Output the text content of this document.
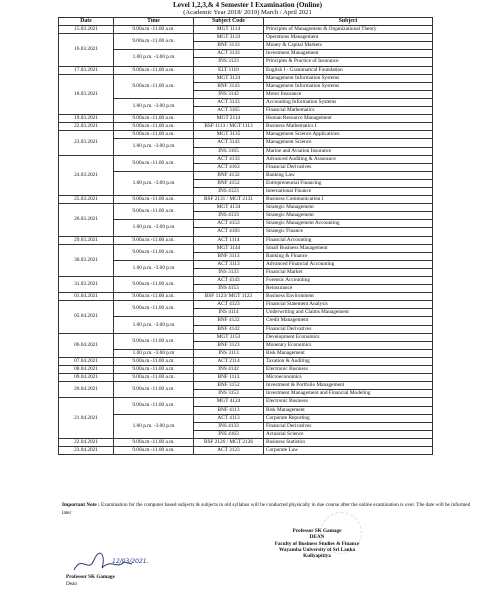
Level 1,2,3,& 4 Semester I Examination (Online)
(Academic Year 2018/ 2019) March / April 2021
Date	Time	Subject Code	Subject
15.03.2021	9.00a.m.-11.00 a.m.	MGT 1114	Principles of Management & Organizational Theory
16.03.2021	9.00a.m.-11.00 a.m.	MGT 3133	Operations Management
		BNF 3133	Money & Capital Markets
	1.00 p.m. -3.00 p.m	ACT 3133	Investment Management
		INS 3123	Principles & Practice of Insurance
17.03.2021	9.00a.m.-11.00 a.m.	ELT 1110	English I - Grammatical Foundation
18.03.2021	9.00a.m.-11.00 a.m.	MGT 3124	Management Information Systems
		BNF 3143	Management Information Systems
		INS 3142	Motor Insurance
	1.00 p.m. -3.00 p.m	ACT 3133	Accounting Information Systems
		ACT 3165	Financial Mathematics
19.03.2021	9.00a.m.-11.00 a.m.	MGT 2114	Human Resource Management
22.03.2021	9.00a.m.-11.00 a.m.	BSF 1113 / MGT 1113	Business Mathematics I
23.03.2021	9.00a.m.-11.00 a.m.	MGT 3135	Management Science Applications
	1.00 p.m. -3.00 p.m	ACT 3143	Management Science
		INS 3165	Marine and Aviation Insurance
24.03.2021	9.00a.m.-11.00 a.m.	ACT 4133	Advanced Auditing & Assurance
		ACT 4163	Financial Derivatives
	1.00 p.m. -3.00 p.m	BNF 4132	Banking Law
		BNF 4152	Entrepreneurial Financing
		INS 4123	International Finance
25.03.2021	9.00a.m.-11.00 a.m.	BSF 2131 / MGT 2131	Business Communication I
26.03.2021	9.00a.m.-11.00 a.m.	MGT 4134	Strategic Management
		INS 4133	Strategic Management
	1.00 p.m. -3.00 p.m	ACT 4153	Strategic Management Accounting
		ACT 4183	Strategic Finance
29.03.2021	9.00a.m.-11.00 a.m.	ACT 1114	Financial Accounting
30.03.2021	9.00a.m.-11.00 a.m.	MGT 3144	Small Business Management
		BNF 3113	Banking & Finance
	1.00 p.m. -3.00 p.m	ACT 3113	Advanced Financial Accounting
		INS 3133	Financial Market
31.03.2021	9.00a.m.-11.00 a.m.	ACT 4143	Forensic Accounting
		INS 4153	Reinsurance
01.04.2021	9.00a.m.-11.00 a.m.	BSF 1123/ MGT 1123	Business Environment
05.04.2021	9.00a.m.-11.00 a.m.	ACT 4123	Financial Statement Analysis
		INS 4114	Underwriting and Claims Management
	1.00 p.m. -3.00 p.m	BNF 4122	Credit Management
		BNF 4142	Financial Derivatives
06.04.2021	9.00a.m.-11.00 a.m.	MGT 3153	Development Economics
		BNF 3123	Monetary Economics
	1.00 p.m. -3.00 p.m	INS 3113	Risk Management
07.04.2021	9.00a.m.-11.00 a.m.	ACT 2114	Taxation & Auditing
08.04.2021	9.00a.m.-11.00 a.m.	INS 4142	Electronic Business
09.04.2021	9.00a.m.-11.00 a.m.	BNF 1113	Microeconomics
20.04.2021	9.00a.m.-11.00 a.m.	BNF 3152	Investment & Portfolio Management
		INS 3153	Investment Management and Financial Modeling
21.04.2021	9.00a.m.-11.00 a.m.	MGT 4124	Electronic Business
		BNF 4113	Risk Management
	1.00 p.m. -3.00 p.m	ACT 4113	Corporate Reporting
		INS 4133	Financial Derivatives
		INS 4163	Actuarial Science
22.04.2021	9.00a.m.-11.00 a.m.	BSF 2126 / MGT 2126	Business Statistics
23.04.2021	9.00a.m.-11.00 a.m.	ACT 3123	Corporate Law
Important Note : Examination for the computer based subjects & subjects in old syllabus will be conducted physically in due course after the online examination is over. The date will be informed later
Professor SK Gamage
DEAN
Faculty of Business Studies & Finance
Wayamba University of Sri Lanka
Kuliyapitiya
12/03/2021.
Professor SK Gamage
Dean
